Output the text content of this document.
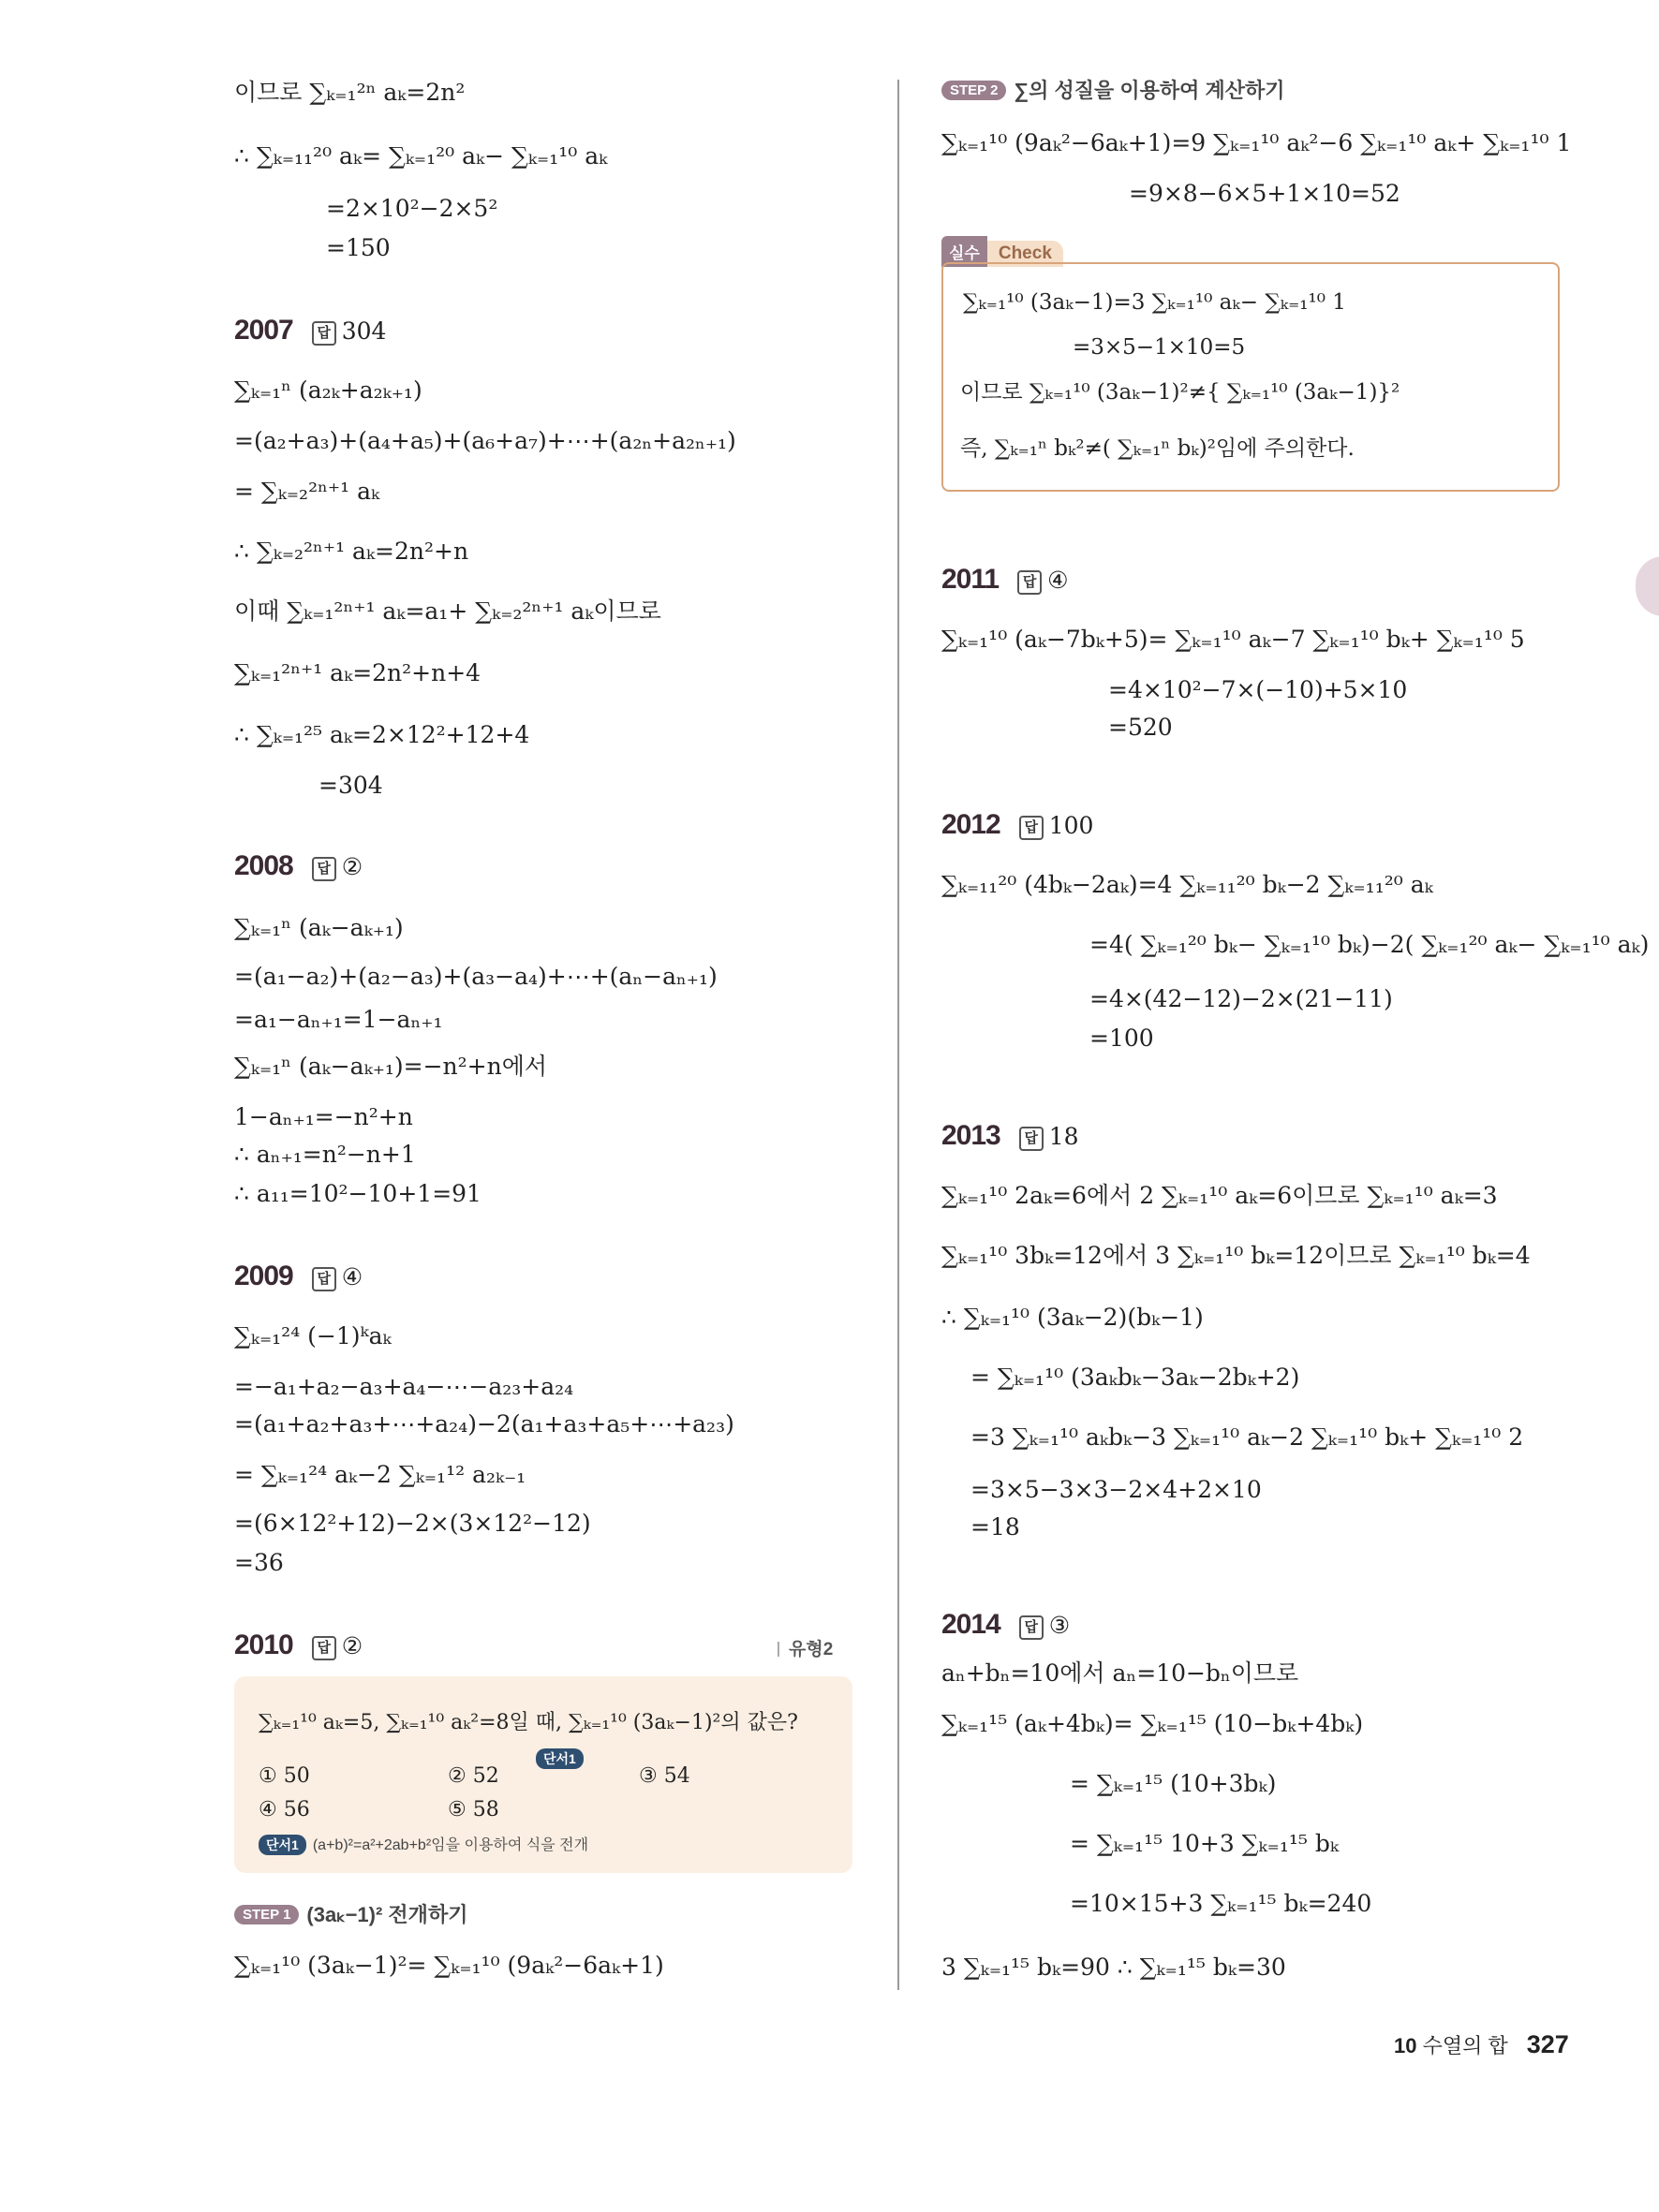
이므로 ∑ₖ₌₁²ⁿ aₖ=2n²
∴ ∑ₖ₌₁₁²⁰ aₖ= ∑ₖ₌₁²⁰ aₖ− ∑ₖ₌₁¹⁰ aₖ
=2×10²−2×5²
=150
2007 답 304
∑ₖ₌₁ⁿ (a₂ₖ+a₂ₖ₊₁)
=(a₂+a₃)+(a₄+a₅)+(a₆+a₇)+⋯+(a₂ₙ+a₂ₙ₊₁)
= ∑ₖ₌₂²ⁿ⁺¹ aₖ
∴ ∑ₖ₌₂²ⁿ⁺¹ aₖ=2n²+n
이때 ∑ₖ₌₁²ⁿ⁺¹ aₖ=a₁+ ∑ₖ₌₂²ⁿ⁺¹ aₖ이므로
∑ₖ₌₁²ⁿ⁺¹ aₖ=2n²+n+4
∴ ∑ₖ₌₁²⁵ aₖ=2×12²+12+4
=304
2008 답 ②
∑ₖ₌₁ⁿ (aₖ−aₖ₊₁)
=(a₁−a₂)+(a₂−a₃)+(a₃−a₄)+⋯+(aₙ−aₙ₊₁)
=a₁−aₙ₊₁=1−aₙ₊₁
∑ₖ₌₁ⁿ (aₖ−aₖ₊₁)=−n²+n에서
1−aₙ₊₁=−n²+n
∴ aₙ₊₁=n²−n+1
∴ a₁₁=10²−10+1=91
2009 답 ④
∑ₖ₌₁²⁴ (−1)ᵏaₖ
=−a₁+a₂−a₃+a₄−⋯−a₂₃+a₂₄
=(a₁+a₂+a₃+⋯+a₂₄)−2(a₁+a₃+a₅+⋯+a₂₃)
= ∑ₖ₌₁²⁴ aₖ−2 ∑ₖ₌₁¹² a₂ₖ₋₁
=(6×12²+12)−2×(3×12²−12)
=36
2010 답 ②	유형2
∑ₖ₌₁¹⁰ aₖ=5, ∑ₖ₌₁¹⁰ aₖ²=8일 때, ∑ₖ₌₁¹⁰ (3aₖ−1)²의 값은?
단서1
① 50	② 52	③ 54
④ 56	⑤ 58
단서1 (a+b)²=a²+2ab+b²임을 이용하여 식을 전개
STEP 1 (3aₖ−1)² 전개하기
∑ₖ₌₁¹⁰ (3aₖ−1)²= ∑ₖ₌₁¹⁰ (9aₖ²−6aₖ+1)
STEP 2 ∑의 성질을 이용하여 계산하기
∑ₖ₌₁¹⁰ (9aₖ²−6aₖ+1)=9 ∑ₖ₌₁¹⁰ aₖ²−6 ∑ₖ₌₁¹⁰ aₖ+ ∑ₖ₌₁¹⁰ 1
=9×8−6×5+1×10=52
실수 Check
∑ₖ₌₁¹⁰ (3aₖ−1)=3 ∑ₖ₌₁¹⁰ aₖ− ∑ₖ₌₁¹⁰ 1
=3×5−1×10=5
이므로 ∑ₖ₌₁¹⁰ (3aₖ−1)²≠{ ∑ₖ₌₁¹⁰ (3aₖ−1)}²
즉, ∑ₖ₌₁ⁿ bₖ²≠( ∑ₖ₌₁ⁿ bₖ)²임에 주의한다.
2011 답 ④
∑ₖ₌₁¹⁰ (aₖ−7bₖ+5)= ∑ₖ₌₁¹⁰ aₖ−7 ∑ₖ₌₁¹⁰ bₖ+ ∑ₖ₌₁¹⁰ 5
=4×10²−7×(−10)+5×10
=520
2012 답 100
∑ₖ₌₁₁²⁰ (4bₖ−2aₖ)=4 ∑ₖ₌₁₁²⁰ bₖ−2 ∑ₖ₌₁₁²⁰ aₖ
=4( ∑ₖ₌₁²⁰ bₖ− ∑ₖ₌₁¹⁰ bₖ)−2( ∑ₖ₌₁²⁰ aₖ− ∑ₖ₌₁¹⁰ aₖ)
=4×(42−12)−2×(21−11)
=100
2013 답 18
∑ₖ₌₁¹⁰ 2aₖ=6에서 2 ∑ₖ₌₁¹⁰ aₖ=6이므로 ∑ₖ₌₁¹⁰ aₖ=3
∑ₖ₌₁¹⁰ 3bₖ=12에서 3 ∑ₖ₌₁¹⁰ bₖ=12이므로 ∑ₖ₌₁¹⁰ bₖ=4
∴ ∑ₖ₌₁¹⁰ (3aₖ−2)(bₖ−1)
= ∑ₖ₌₁¹⁰ (3aₖbₖ−3aₖ−2bₖ+2)
=3 ∑ₖ₌₁¹⁰ aₖbₖ−3 ∑ₖ₌₁¹⁰ aₖ−2 ∑ₖ₌₁¹⁰ bₖ+ ∑ₖ₌₁¹⁰ 2
=3×5−3×3−2×4+2×10
=18
2014 답 ③
aₙ+bₙ=10에서 aₙ=10−bₙ이므로
∑ₖ₌₁¹⁵ (aₖ+4bₖ)= ∑ₖ₌₁¹⁵ (10−bₖ+4bₖ)
= ∑ₖ₌₁¹⁵ (10+3bₖ)
= ∑ₖ₌₁¹⁵ 10+3 ∑ₖ₌₁¹⁵ bₖ
=10×15+3 ∑ₖ₌₁¹⁵ bₖ=240
3 ∑ₖ₌₁¹⁵ bₖ=90 ∴ ∑ₖ₌₁¹⁵ bₖ=30
10 수열의 합 327
